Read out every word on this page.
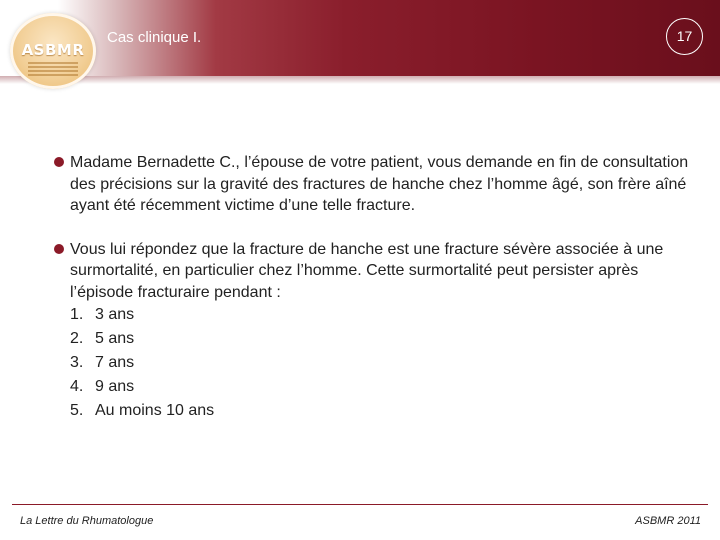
ASBMR
Cas clinique I.	17
Madame Bernadette C., l’épouse de votre patient, vous demande en fin de consultation des précisions sur la gravité des fractures de hanche chez l’homme âgé, son frère aîné ayant été récemment victime d’une telle fracture.
Vous lui répondez que la fracture de hanche est une fracture sévère associée à une surmortalité, en particulier chez l’homme. Cette surmortalité peut persister après l’épisode fracturaire pendant :
1. 3 ans
2. 5 ans
3. 7 ans
4. 9 ans
5. Au moins 10 ans
La Lettre du Rhumatologue	ASBMR 2011
